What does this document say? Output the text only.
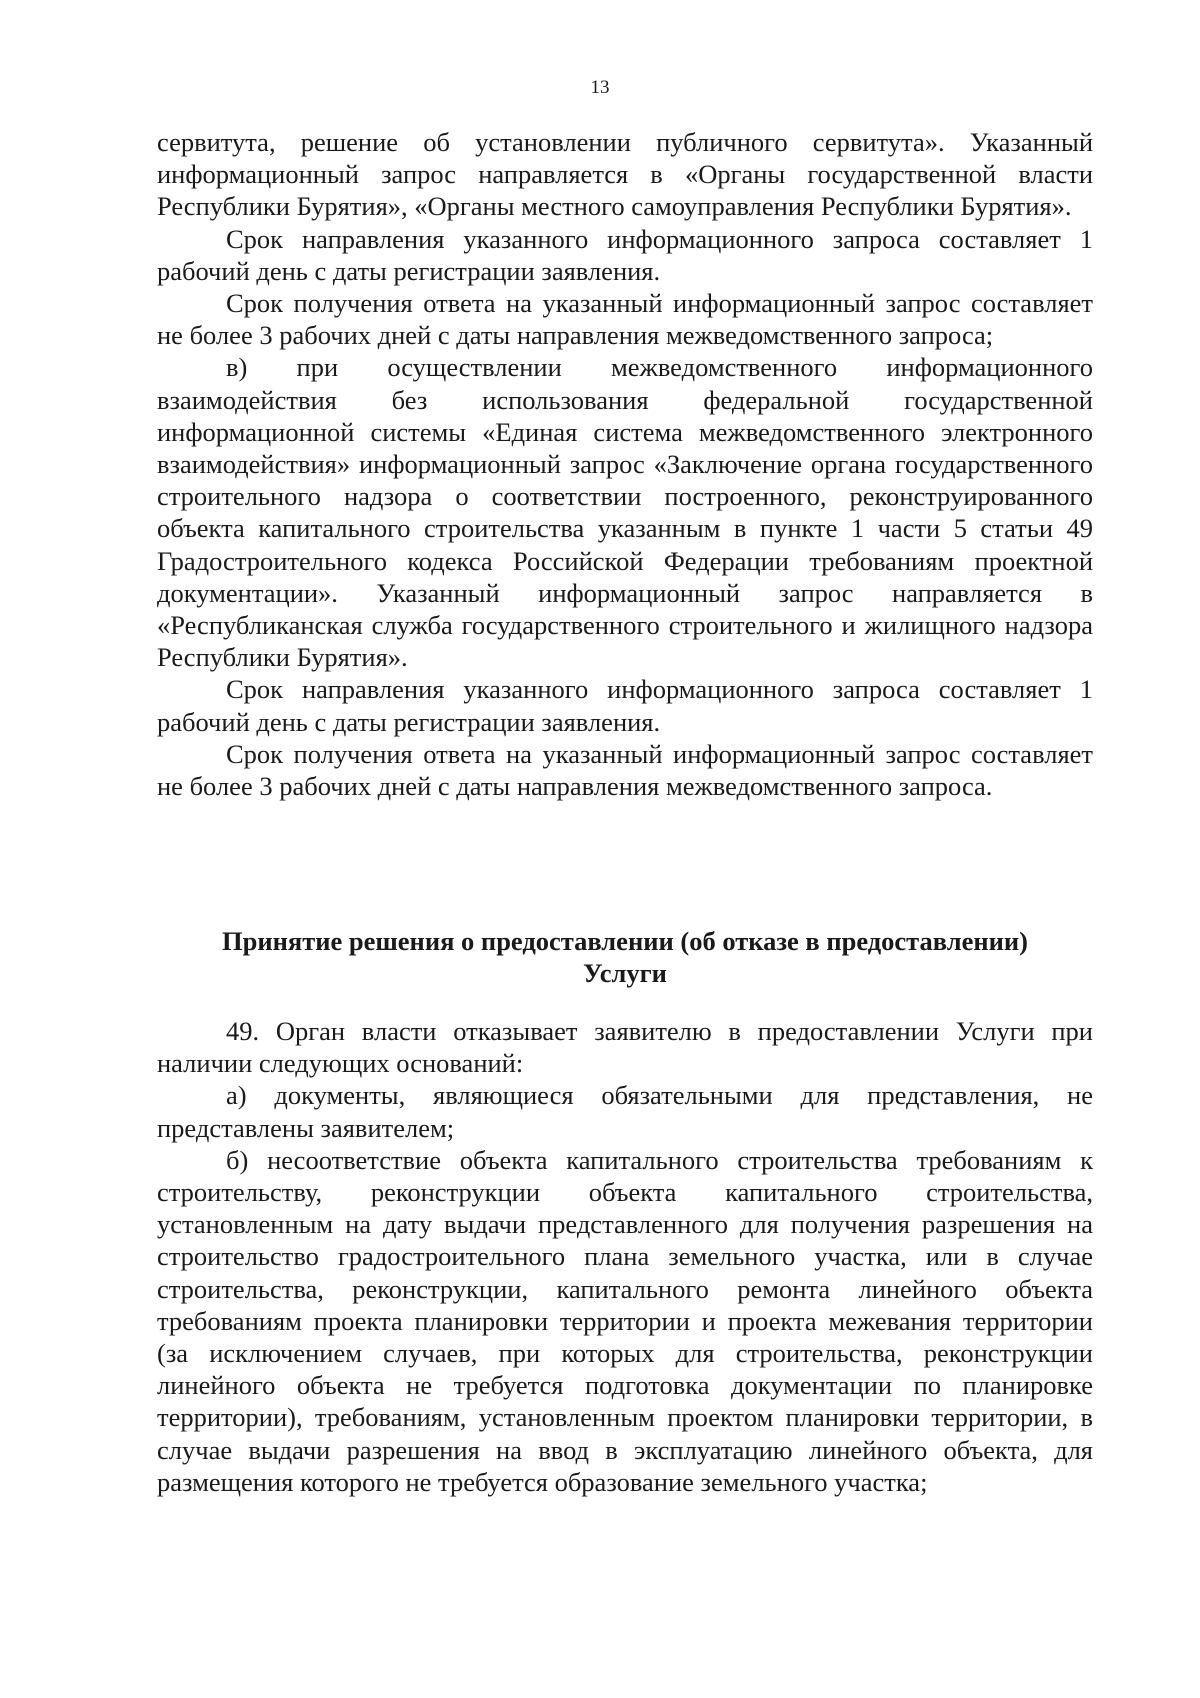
13

сервитута, решение об установлении публичного сервитута». Указанный информационный запрос направляется в «Органы государственной власти Республики Бурятия», «Органы местного самоуправления Республики Бурятия».

Срок направления указанного информационного запроса составляет 1 рабочий день с даты регистрации заявления.

Срок получения ответа на указанный информационный запрос составляет не более 3 рабочих дней с даты направления межведомственного запроса;

в) при осуществлении межведомственного информационного взаимодействия без использования федеральной государственной информационной системы «Единая система межведомственного электронного взаимодействия» информационный запрос «Заключение органа государственного строительного надзора о соответствии построенного, реконструированного объекта капитального строительства указанным в пункте 1 части 5 статьи 49 Градостроительного кодекса Российской Федерации требованиям проектной документации». Указанный информационный запрос направляется в «Республиканская служба государственного строительного и жилищного надзора Республики Бурятия».

Срок направления указанного информационного запроса составляет 1 рабочий день с даты регистрации заявления.

Срок получения ответа на указанный информационный запрос составляет не более 3 рабочих дней с даты направления межведомственного запроса.

Принятие решения о предоставлении (об отказе в предоставлении)
Услуги

49. Орган власти отказывает заявителю в предоставлении Услуги при наличии следующих оснований:

а) документы, являющиеся обязательными для представления, не представлены заявителем;

б) несоответствие объекта капитального строительства требованиям к строительству, реконструкции объекта капитального строительства, установленным на дату выдачи представленного для получения разрешения на строительство градостроительного плана земельного участка, или в случае строительства, реконструкции, капитального ремонта линейного объекта требованиям проекта планировки территории и проекта межевания территории (за исключением случаев, при которых для строительства, реконструкции линейного объекта не требуется подготовка документации по планировке территории), требованиям, установленным проектом планировки территории, в случае выдачи разрешения на ввод в эксплуатацию линейного объекта, для размещения которого не требуется образование земельного участка;
